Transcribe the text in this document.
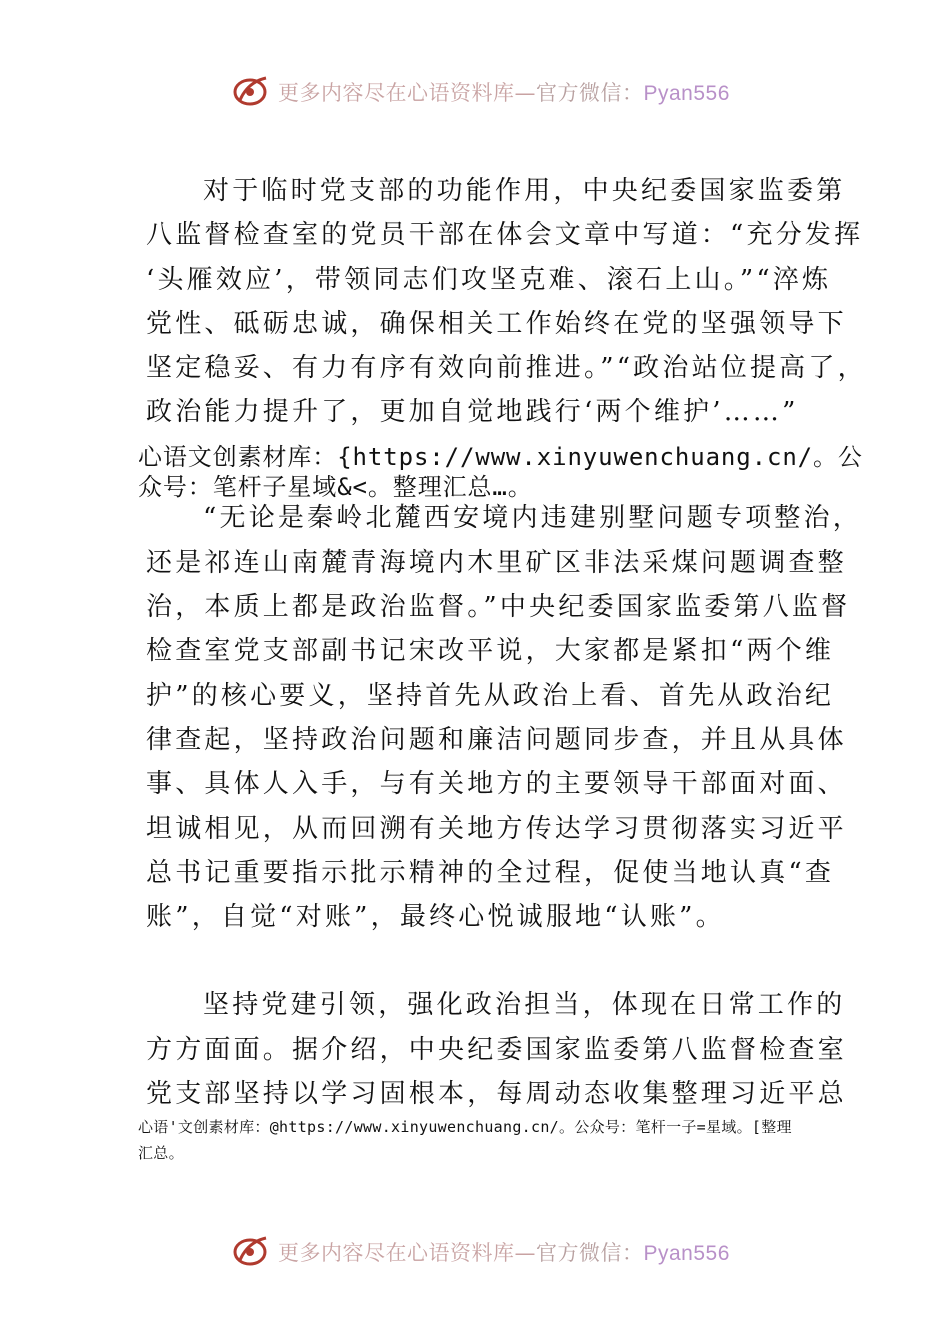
更多内容尽在心语资料库—官方微信：Pyan556
对于临时党支部的功能作用，中央纪委国家监委第
八监督检查室的党员干部在体会文章中写道：“充分发挥
‘头雁效应’，带领同志们攻坚克难、滚石上山。”“淬炼
党性、砥砺忠诚，确保相关工作始终在党的坚强领导下
坚定稳妥、有力有序有效向前推进。”“政治站位提高了，
政治能力提升了，更加自觉地践行‘两个维护’……”
心语文创素材库：{https://www.xinyuwenchuang.cn/。公
众号：笔杆子星域&<。整理汇总…。
“无论是秦岭北麓西安境内违建别墅问题专项整治，
还是祁连山南麓青海境内木里矿区非法采煤问题调查整
治，本质上都是政治监督。”中央纪委国家监委第八监督
检查室党支部副书记宋改平说，大家都是紧扣“两个维
护”的核心要义，坚持首先从政治上看、首先从政治纪
律查起，坚持政治问题和廉洁问题同步查，并且从具体
事、具体人入手，与有关地方的主要领导干部面对面、
坦诚相见，从而回溯有关地方传达学习贯彻落实习近平
总书记重要指示批示精神的全过程，促使当地认真“查
账”，自觉“对账”，最终心悦诚服地“认账”。
坚持党建引领，强化政治担当，体现在日常工作的
方方面面。据介绍，中央纪委国家监委第八监督检查室
党支部坚持以学习固根本，每周动态收集整理习近平总
心语'文创素材库：@https://www.xinyuwenchuang.cn/。公众号：笔杆一子=星域。[整理
汇总。
更多内容尽在心语资料库—官方微信：Pyan556
